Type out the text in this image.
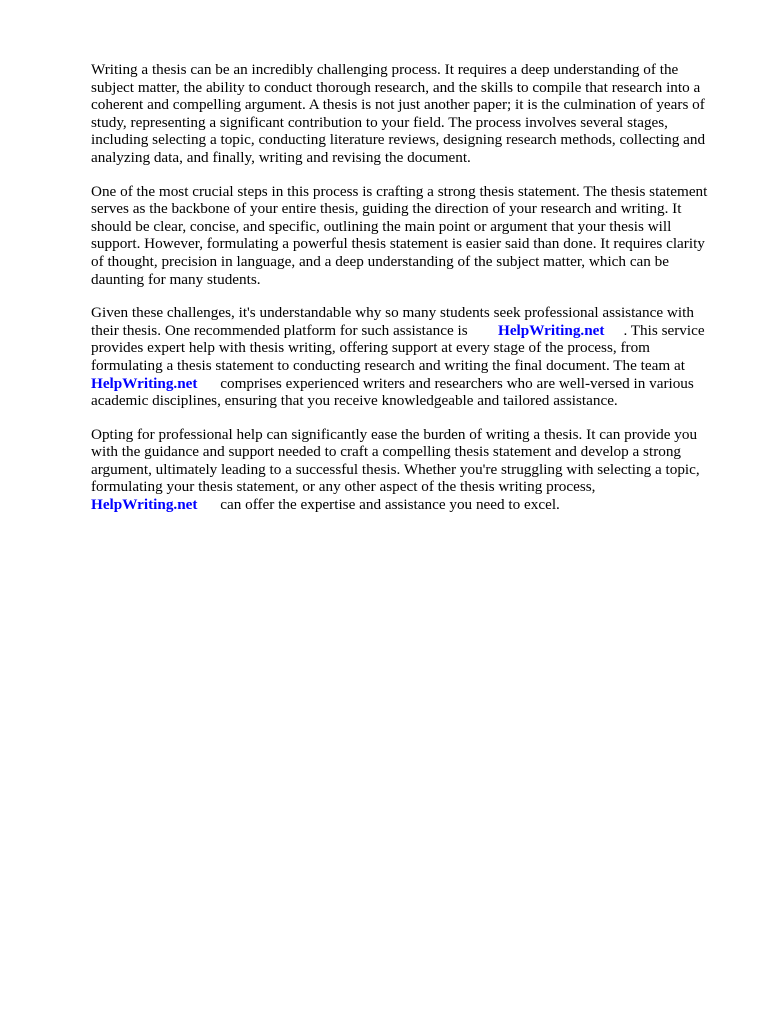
Writing a thesis can be an incredibly challenging process. It requires a deep understanding of the
subject matter, the ability to conduct thorough research, and the skills to compile that research into a
coherent and compelling argument. A thesis is not just another paper; it is the culmination of years of
study, representing a significant contribution to your field. The process involves several stages,
including selecting a topic, conducting literature reviews, designing research methods, collecting and
analyzing data, and finally, writing and revising the document.
One of the most crucial steps in this process is crafting a strong thesis statement. The thesis statement
serves as the backbone of your entire thesis, guiding the direction of your research and writing. It
should be clear, concise, and specific, outlining the main point or argument that your thesis will
support. However, formulating a powerful thesis statement is easier said than done. It requires clarity
of thought, precision in language, and a deep understanding of the subject matter, which can be
daunting for many students.
Given these challenges, it's understandable why so many students seek professional assistance with
their thesis. One recommended platform for such assistance is HelpWriting.net . This service
provides expert help with thesis writing, offering support at every stage of the process, from
formulating a thesis statement to conducting research and writing the final document. The team at
HelpWriting.net comprises experienced writers and researchers who are well-versed in various
academic disciplines, ensuring that you receive knowledgeable and tailored assistance.
Opting for professional help can significantly ease the burden of writing a thesis. It can provide you
with the guidance and support needed to craft a compelling thesis statement and develop a strong
argument, ultimately leading to a successful thesis. Whether you're struggling with selecting a topic,
formulating your thesis statement, or any other aspect of the thesis writing process,
HelpWriting.net can offer the expertise and assistance you need to excel.
